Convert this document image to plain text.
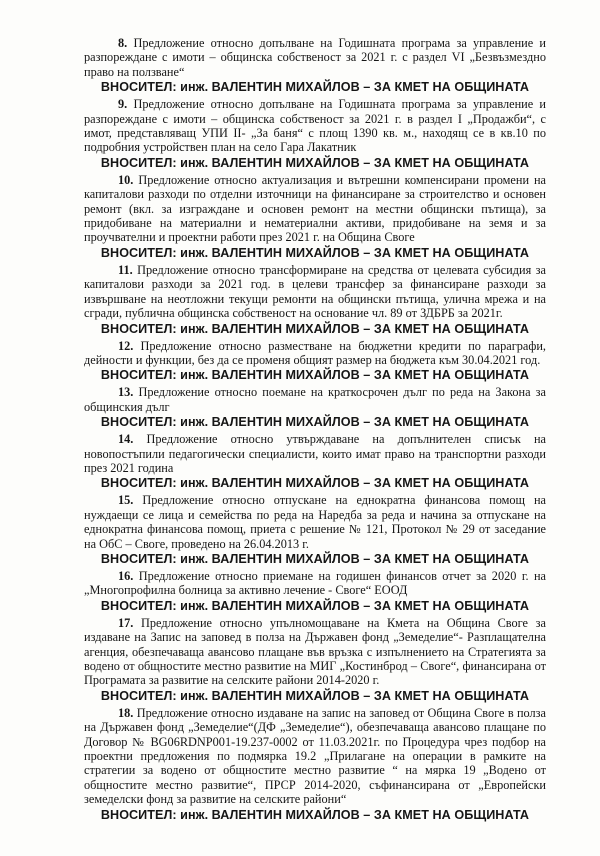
8. Предложение относно допълване на Годишната програма за управление и разпореждане с имоти – общинска собственост за 2021 г. с раздел VI „Безвъзмездно право на ползване“

ВНОСИТЕЛ: инж. ВАЛЕНТИН МИХАЙЛОВ – ЗА КМЕТ НА ОБЩИНАТА

9. Предложение относно допълване на Годишната програма за управление и разпореждане с имоти – общинска собственост за 2021 г. в раздел I „Продажби“, с имот, представляващ УПИ II- „За баня“ с площ 1390 кв. м., находящ се в кв.10 по подробния устройствен план на село Гара Лакатник

ВНОСИТЕЛ: инж. ВАЛЕНТИН МИХАЙЛОВ – ЗА КМЕТ НА ОБЩИНАТА

10. Предложение относно актуализация и вътрешни компенсирани промени на капиталови разходи по отделни източници на финансиране за строителство и основен ремонт (вкл. за изграждане и основен ремонт на местни общински пътища), за придобиване на материални и нематериални активи, придобиване на земя и за проучвателни и проектни работи през 2021 г. на Община Своге

ВНОСИТЕЛ: инж. ВАЛЕНТИН МИХАЙЛОВ – ЗА КМЕТ НА ОБЩИНАТА

11. Предложение относно трансформиране на средства от целевата субсидия за капиталови разходи за 2021 год. в целеви трансфер за финансиране разходи за извършване на неотложни текущи ремонти на общински пътища, улична мрежа и на сгради, публична общинска собственост на основание чл. 89 от ЗДБРБ за 2021г.

ВНОСИТЕЛ: инж. ВАЛЕНТИН МИХАЙЛОВ – ЗА КМЕТ НА ОБЩИНАТА

12. Предложение относно разместване на бюджетни кредити по параграфи, дейности и функции, без да се променя общият размер на бюджета към 30.04.2021 год.

ВНОСИТЕЛ: инж. ВАЛЕНТИН МИХАЙЛОВ – ЗА КМЕТ НА ОБЩИНАТА

13. Предложение относно поемане на краткосрочен дълг по реда на Закона за общинския дълг

ВНОСИТЕЛ: инж. ВАЛЕНТИН МИХАЙЛОВ – ЗА КМЕТ НА ОБЩИНАТА

14. Предложение относно утвърждаване на допълнителен списък на новопостъпили педагогически специалисти, които имат право на транспортни разходи през 2021 година

ВНОСИТЕЛ: инж. ВАЛЕНТИН МИХАЙЛОВ – ЗА КМЕТ НА ОБЩИНАТА

15. Предложение относно отпускане на еднократна финансова помощ на нуждаещи се лица и семейства по реда на Наредба за реда и начина за отпускане на еднократна финансова помощ, приета с решение № 121, Протокол № 29 от заседание на ОбС – Своге, проведено на 26.04.2013 г.

ВНОСИТЕЛ: инж. ВАЛЕНТИН МИХАЙЛОВ – ЗА КМЕТ НА ОБЩИНАТА

16. Предложение относно приемане на годишен финансов отчет за 2020 г. на „Многопрофилна болница за активно лечение - Своге“ ЕООД

ВНОСИТЕЛ: инж. ВАЛЕНТИН МИХАЙЛОВ – ЗА КМЕТ НА ОБЩИНАТА

17. Предложение относно упълномощаване на Кмета на Община Своге за издаване на Запис на заповед в полза на Държавен фонд „Земеделие“- Разплащателна агенция, обезпечаваща авансово плащане във връзка с изпълнението на Стратегията за водено от общностите местно развитие на МИГ „Костинброд – Своге“, финансирана от Програмата за развитие на селските райони 2014-2020 г.

ВНОСИТЕЛ: инж. ВАЛЕНТИН МИХАЙЛОВ – ЗА КМЕТ НА ОБЩИНАТА

18. Предложение относно издаване на запис на заповед от Община Своге в полза на Държавен фонд „Земеделие“(ДФ „Земеделие“), обезпечаваща авансово плащане по Договор № BG06RDNP001-19.237-0002 от 11.03.2021г. по Процедура чрез подбор на проектни предложения по подмярка 19.2 „Прилагане на операции в рамките на стратегии за водено от общностите местно развитие “ на мярка 19 „Водено от общностите местно развитие“, ПРСР 2014-2020, съфинансирана от „Европейски земеделски фонд за развитие на селските райони“

ВНОСИТЕЛ: инж. ВАЛЕНТИН МИХАЙЛОВ – ЗА КМЕТ НА ОБЩИНАТА
